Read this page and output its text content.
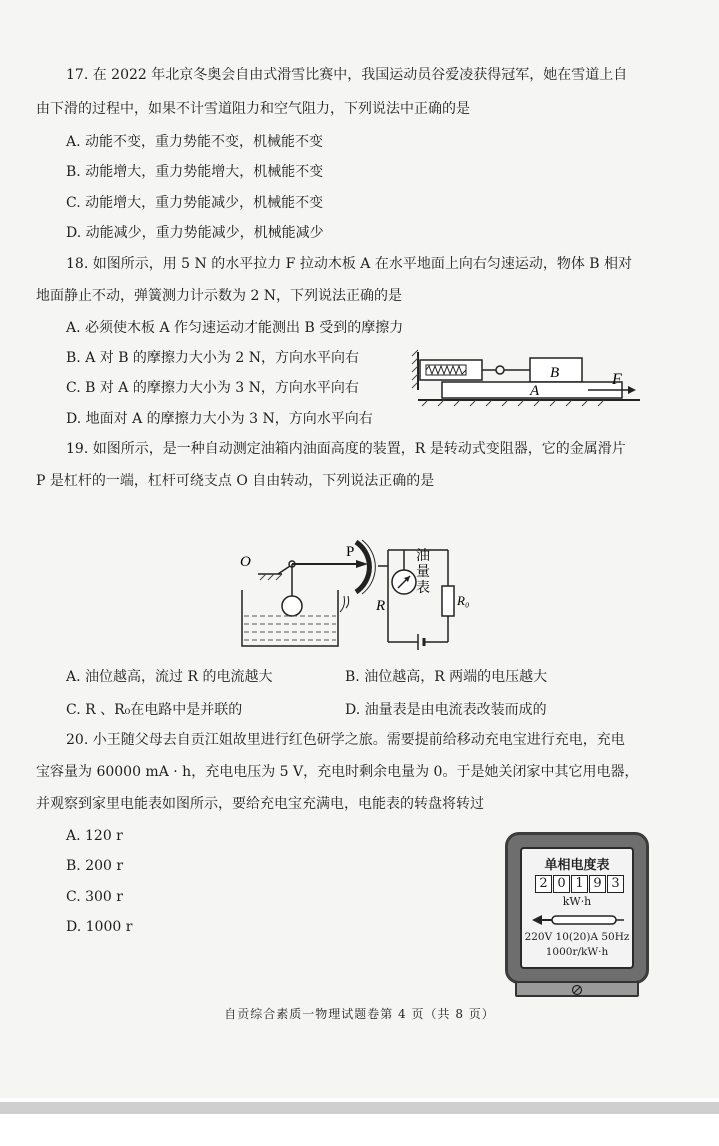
17. 在 2022 年北京冬奥会自由式滑雪比赛中，我国运动员谷爱凌获得冠军，她在雪道上自
由下滑的过程中，如果不计雪道阻力和空气阻力，下列说法中正确的是
A. 动能不变，重力势能不变，机械能不变
B. 动能增大，重力势能增大，机械能不变
C. 动能增大，重力势能减少，机械能不变
D. 动能减少，重力势能减少，机械能减少
18. 如图所示，用 5 N 的水平拉力 F 拉动木板 A 在水平地面上向右匀速运动，物体 B 相对
地面静止不动，弹簧测力计示数为 2 N，下列说法正确的是
A. 必须使木板 A 作匀速运动才能测出 B 受到的摩擦力
B. A 对 B 的摩擦力大小为 2 N，方向水平向右
C. B 对 A 的摩擦力大小为 3 N，方向水平向右
D. 地面对 A 的摩擦力大小为 3 N，方向水平向右
B
A
F
19. 如图所示，是一种自动测定油箱内油面高度的装置，R 是转动式变阻器，它的金属滑片
P 是杠杆的一端，杠杆可绕支点 O 自由转动，下列说法正确的是
O
P
R	R₀
油
量
表
A. 油位越高，流过 R 的电流越大	B. 油位越高，R 两端的电压越大
C. R 、R₀在电路中是并联的	D. 油量表是由电流表改装而成的
20. 小王随父母去自贡江姐故里进行红色研学之旅。需要提前给移动充电宝进行充电，充电
宝容量为 60000 mA · h，充电电压为 5 V，充电时剩余电量为 0。于是她关闭家中其它用电器，
并观察到家里电能表如图所示，要给充电宝充满电，电能表的转盘将转过
A. 120 r
B. 200 r
C. 300 r
D. 1000 r
单相电度表
2 0 1 9 3
kW·h
220V 10(20)A 50Hz
1000r/kW·h
自贡综合素质一物理试题卷第 4 页（共 8 页）
